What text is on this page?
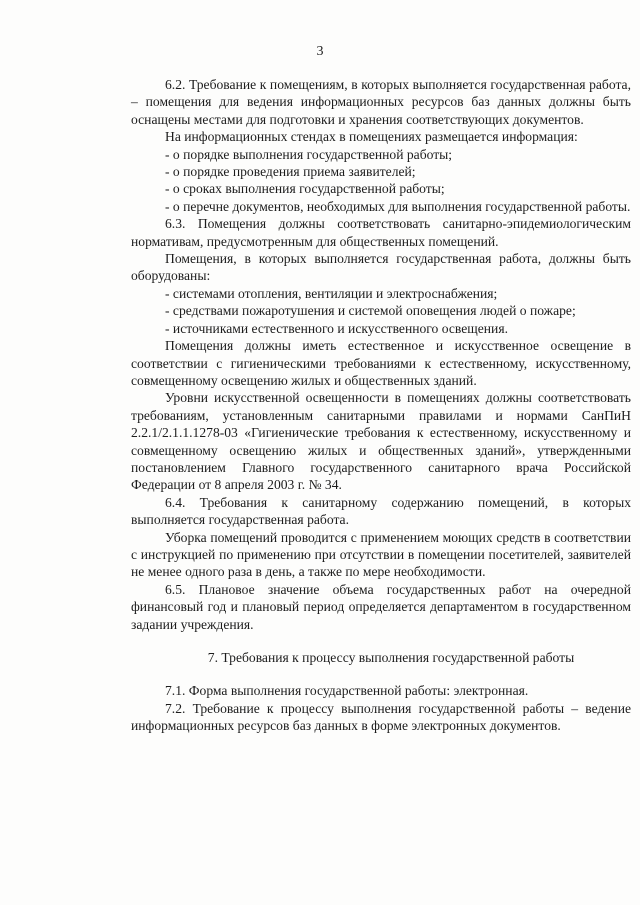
3

6.2. Требование к помещениям, в которых выполняется государственная работа, – помещения для ведения информационных ресурсов баз данных должны быть оснащены местами для подготовки и хранения соответствующих документов.

На информационных стендах в помещениях размещается информация:

- о порядке выполнения государственной работы;

- о порядке проведения приема заявителей;

- о сроках выполнения государственной работы;

- о перечне документов, необходимых для выполнения государственной работы.

6.3. Помещения должны соответствовать санитарно-эпидемиологическим нормативам, предусмотренным для общественных помещений.

Помещения, в которых выполняется государственная работа, должны быть оборудованы:

- системами отопления, вентиляции и электроснабжения;

- средствами пожаротушения и системой оповещения людей о пожаре;

- источниками естественного и искусственного освещения.

Помещения должны иметь естественное и искусственное освещение в соответствии с гигиеническими требованиями к естественному, искусственному, совмещенному освещению жилых и общественных зданий.

Уровни искусственной освещенности в помещениях должны соответствовать требованиям, установленным санитарными правилами и нормами СанПиН 2.2.1/2.1.1.1278-03 «Гигиенические требования к естественному, искусственному и совмещенному освещению жилых и общественных зданий», утвержденными постановлением Главного государственного санитарного врача Российской Федерации от 8 апреля 2003 г. № 34.

6.4. Требования к санитарному содержанию помещений, в которых выполняется государственная работа.

Уборка помещений проводится с применением моющих средств в соответствии с инструкцией по применению при отсутствии в помещении посетителей, заявителей не менее одного раза в день, а также по мере необходимости.

6.5. Плановое значение объема государственных работ на очередной финансовый год и плановый период определяется департаментом в государственном задании учреждения.

7. Требования к процессу выполнения государственной работы

7.1. Форма выполнения государственной работы: электронная.

7.2. Требование к процессу выполнения государственной работы – ведение информационных ресурсов баз данных в форме электронных документов.
